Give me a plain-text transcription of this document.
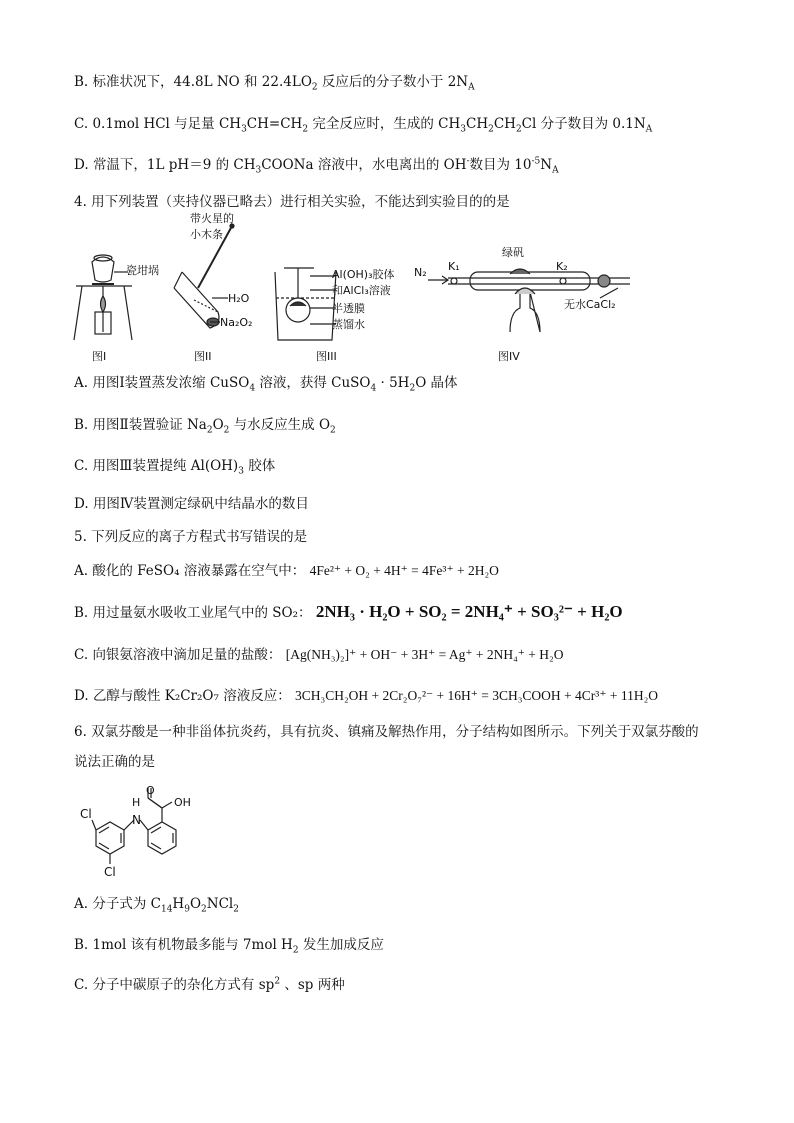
B. 标准状况下，44.8L NO 和 $22.4LO_2$ 反应后的分子数小于 $2N_A$
C. 0.1mol HCl 与足量 $CH_3CH=CH_2$ 完全反应时，生成的 $CH_3CH_2CH_2Cl$ 分子数目为 $0.1N_A$
D. 常温下，1L pH＝9 的 $CH_3COONa$ 溶液中，水电离出的 OH-数目为 $10^{-5}N_A$
4. 用下列装置（夹持仪器已略去）进行相关实验，不能达到实验目的的是
瓷坩埚
图I
带火星的
小木条
H₂O
Na₂O₂
图II
Al(OH)₃胶体
和AlCl₃溶液
半透膜
蒸馏水
图III
N₂ K₁	K₂
绿矾
无水CaCl₂
图IV
A. 用图Ⅰ装置蒸发浓缩 CuSO$_4$ 溶液，获得 CuSO$_4$ · $5H_2O$ 晶体
B. 用图Ⅱ装置验证 $Na_2O_2$ 与水反应生成 $O_2$
C. 用图Ⅲ装置提纯 $Al(OH)_3$ 胶体
D. 用图Ⅳ装置测定绿矾中结晶水的数目
5. 下列反应的离子方程式书写错误的是
A. 酸化的 FeSO₄ 溶液暴露在空气中： 4Fe²⁺ + O₂ + 4H⁺ = 4Fe³⁺ + 2H₂O
B. 用过量氨水吸收工业尾气中的 SO₂： 2NH₃ · H₂O + SO₂ = 2NH₄⁺ + SO₃²⁻ + H₂O
C. 向银氨溶液中滴加足量的盐酸： [Ag(NH₃)₂]⁺ + OH⁻ + 3H⁺ = Ag⁺ + 2NH₄⁺ + H₂O
D. 乙醇与酸性 K₂Cr₂O₇ 溶液反应： 3CH₃CH₂OH + 2Cr₂O₇²⁻ + 16H⁺ = 3CH₃COOH + 4Cr³⁺ + 11H₂O
6. 双氯芬酸是一种非甾体抗炎药，具有抗炎、镇痛及解热作用，分子结构如图所示。下列关于双氯芬酸的
说法正确的是
Cl
Cl
H
N
O
OH
A. 分子式为 $C_{14}H_9O_2NCl_2$
B. 1mol 该有机物最多能与 7mol $H_2$ 发生加成反应
C. 分子中碳原子的杂化方式有 $sp^2$ 、sp 两种
